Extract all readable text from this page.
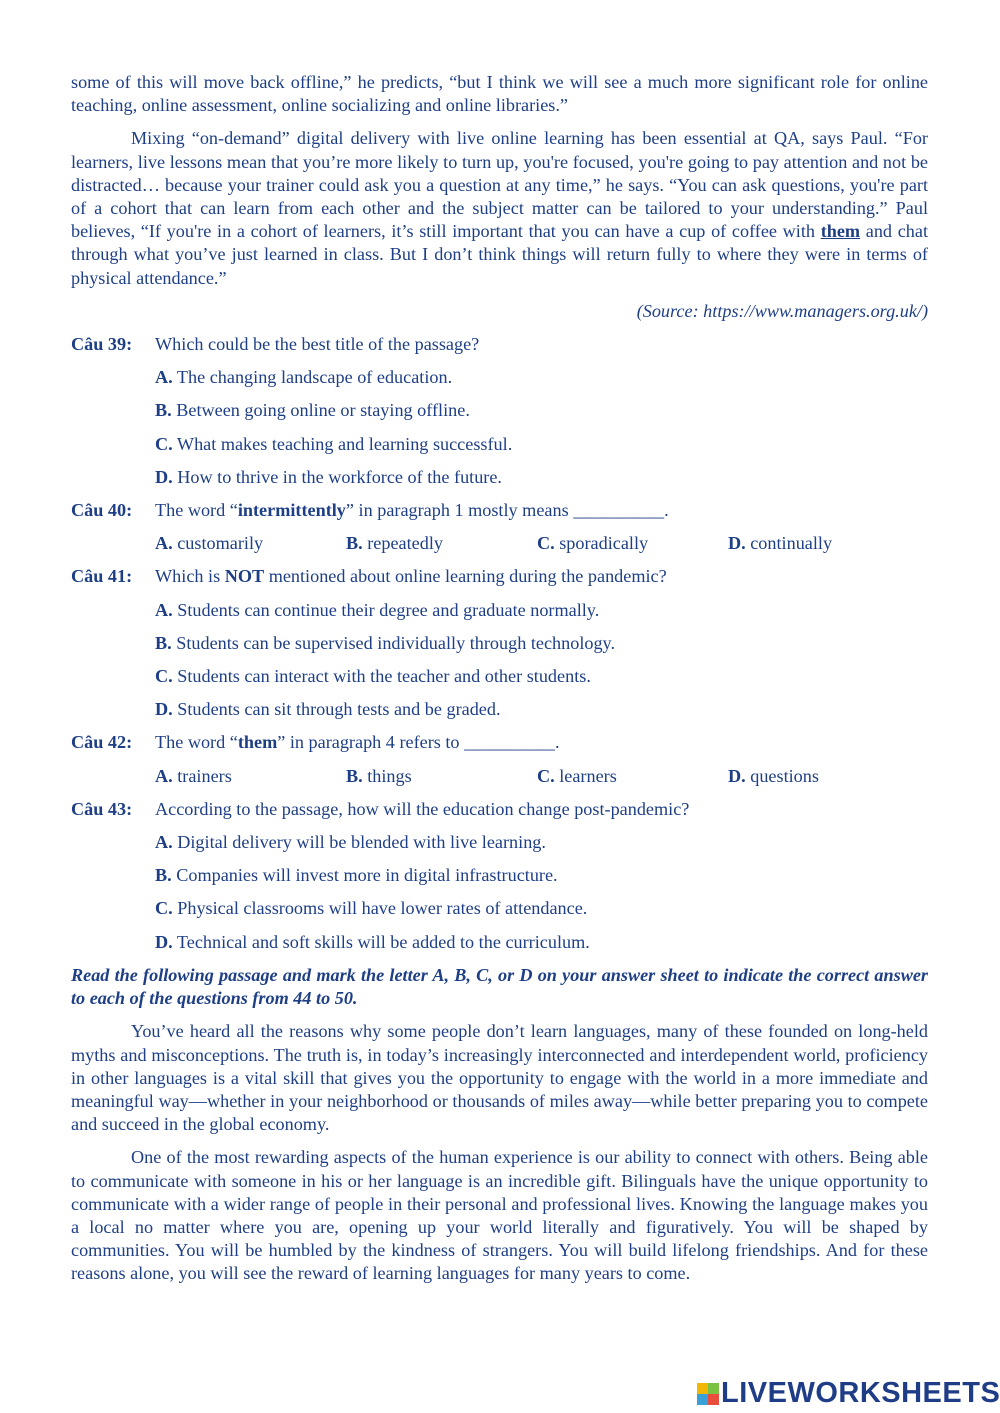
some of this will move back offline,” he predicts, “but I think we will see a much more significant role for online teaching, online assessment, online socializing and online libraries.”

Mixing “on-demand” digital delivery with live online learning has been essential at QA, says Paul. “For learners, live lessons mean that you’re more likely to turn up, you're focused, you're going to pay attention and not be distracted… because your trainer could ask you a question at any time,” he says. “You can ask questions, you're part of a cohort that can learn from each other and the subject matter can be tailored to your understanding.” Paul believes, “If you're in a cohort of learners, it’s still important that you can have a cup of coffee with them and chat through what you’ve just learned in class. But I don’t think things will return fully to where they were in terms of physical attendance.”

(Source: https://www.managers.org.uk/)

Câu 39: Which could be the best title of the passage?
A. The changing landscape of education.
B. Between going online or staying offline.
C. What makes teaching and learning successful.
D. How to thrive in the workforce of the future.
Câu 40: The word “intermittently” in paragraph 1 mostly means __________.
A. customarily	B. repeatedly	C. sporadically	D. continually
Câu 41: Which is NOT mentioned about online learning during the pandemic?
A. Students can continue their degree and graduate normally.
B. Students can be supervised individually through technology.
C. Students can interact with the teacher and other students.
D. Students can sit through tests and be graded.
Câu 42: The word “them” in paragraph 4 refers to __________.
A. trainers	B. things	C. learners	D. questions
Câu 43: According to the passage, how will the education change post-pandemic?
A. Digital delivery will be blended with live learning.
B. Companies will invest more in digital infrastructure.
C. Physical classrooms will have lower rates of attendance.
D. Technical and soft skills will be added to the curriculum.

Read the following passage and mark the letter A, B, C, or D on your answer sheet to indicate the correct answer to each of the questions from 44 to 50.

You’ve heard all the reasons why some people don’t learn languages, many of these founded on long-held myths and misconceptions. The truth is, in today’s increasingly interconnected and interdependent world, proficiency in other languages is a vital skill that gives you the opportunity to engage with the world in a more immediate and meaningful way—whether in your neighborhood or thousands of miles away—while better preparing you to compete and succeed in the global economy.

One of the most rewarding aspects of the human experience is our ability to connect with others. Being able to communicate with someone in his or her language is an incredible gift. Bilinguals have the unique opportunity to communicate with a wider range of people in their personal and professional lives. Knowing the language makes you a local no matter where you are, opening up your world literally and figuratively. You will be shaped by communities. You will be humbled by the kindness of strangers. You will build lifelong friendships. And for these reasons alone, you will see the reward of learning languages for many years to come.

LIVEWORKSHEETS
